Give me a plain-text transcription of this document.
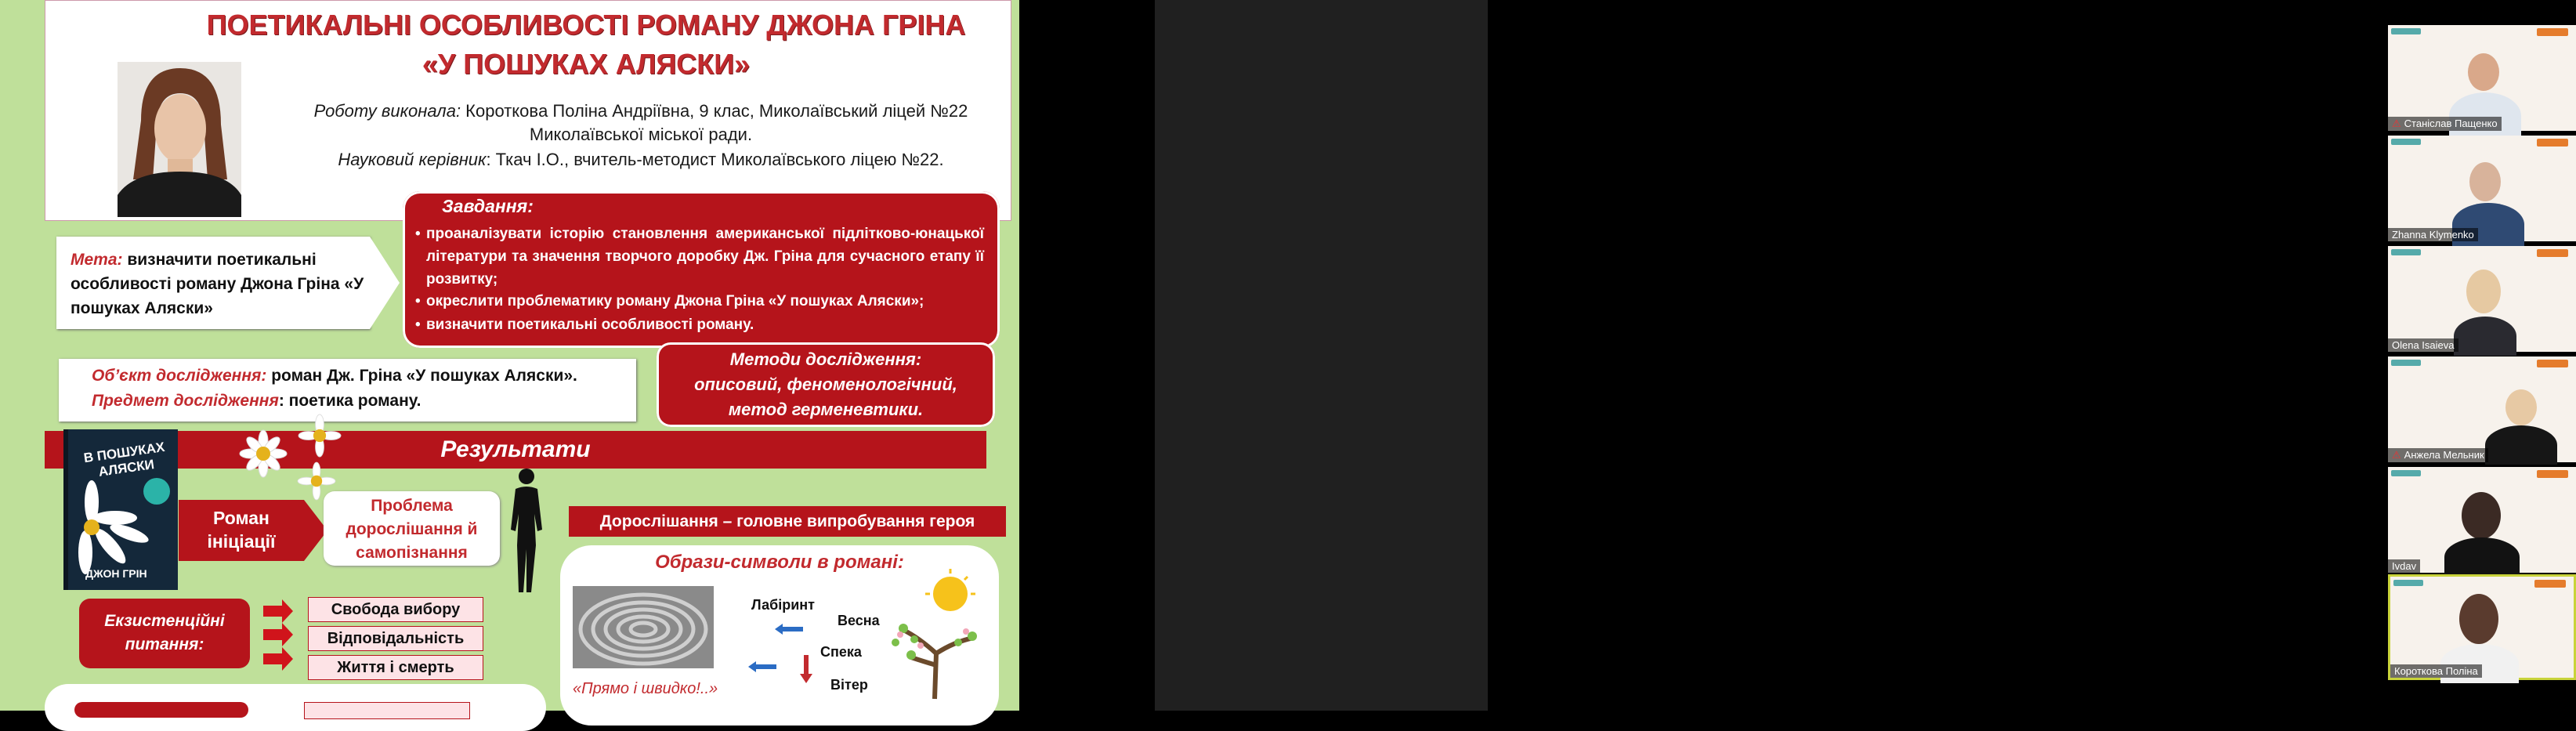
ПОЕТИКАЛЬНІ ОСОБЛИВОСТІ РОМАНУ ДЖОНА ГРІНА
«У ПОШУКАХ АЛЯСКИ»
Роботу виконала: Коротковa Поліна Андріївна, 9 клас, Миколаївський ліцей №22
Миколаївської міської ради.
Науковий керівник: Ткач І.О., вчитель-методист Миколаївського ліцею №22.
Завдання:
• проаналізувати історію становлення американської підлітково-юнацької літератури та значення творчого доробку Дж. Гріна для сучасного етапу її розвитку;
• окреслити проблематику роману Джона Гріна «У пошуках Аляски»;
• визначити поетикальні особливості роману.
Мета: визначити поетикальні особливості роману Джона Гріна «У пошуках Аляски»
Об’єкт дослідження: роман Дж. Гріна «У пошуках Аляски».
Предмет дослідження: поетика роману.
Методи дослідження:
описовий, феноменологічний,
метод герменевтики.
Результати
В ПОШУКАХ АЛЯСКИ
ДЖОН ГРІН
Роман
ініціації
Проблема
дорослішання й
самопізнання
Дорослішання – головне випробування героя
Образи-символи в романі:
Лабіринт
Весна
Спека
Вітер
«Прямо і швидко!..»
Екзистенційні
питання:
Свобода вибору
Відповідальність
Життя і смерть
⚠ Станіслав Пащенко
Zhanna Klymenko
Olena Isaieva
⚠ Анжела Мельник
Ivdav
Короткова Поліна
